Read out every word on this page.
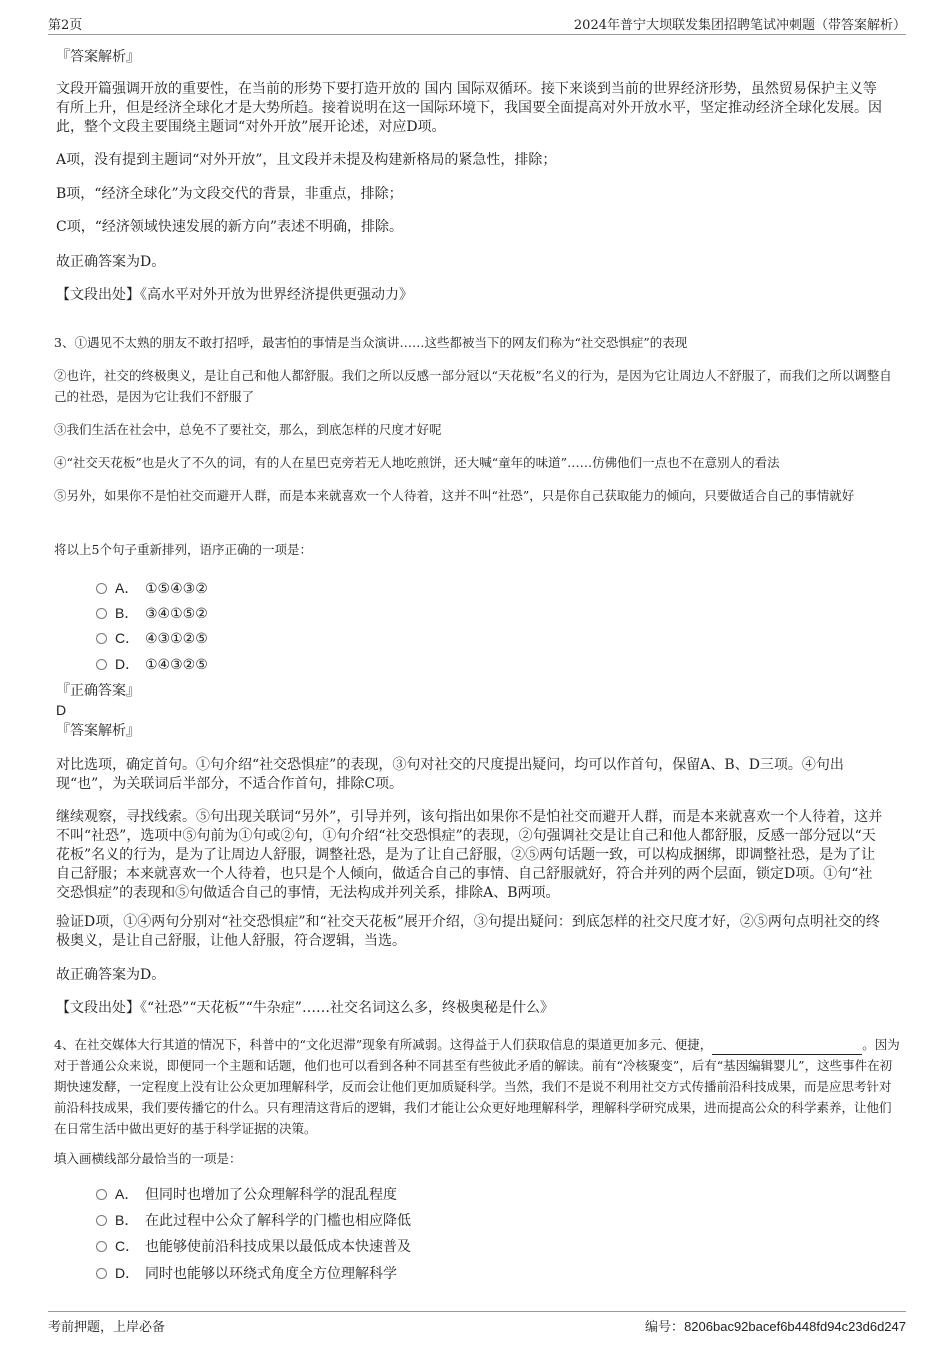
第2页	2024年普宁大坝联发集团招聘笔试冲刺题（带答案解析）
『答案解析』
文段开篇强调开放的重要性，在当前的形势下要打造开放的 国内 国际双循环。接下来谈到当前的世界经济形势，虽然贸易保护主义等有所上升，但是经济全球化才是大势所趋。接着说明在这一国际环境下，我国要全面提高对外开放水平，坚定推动经济全球化发展。因此，整个文段主要围绕主题词“对外开放”展开论述，对应D项。
A项，没有提到主题词“对外开放”，且文段并未提及构建新格局的紧急性，排除；
B项，“经济全球化”为文段交代的背景，非重点，排除；
C项，“经济领域快速发展的新方向”表述不明确，排除。
故正确答案为D。
【文段出处】《高水平对外开放为世界经济提供更强动力》
3、①遇见不太熟的朋友不敢打招呼，最害怕的事情是当众演讲……这些都被当下的网友们称为“社交恐惧症”的表现
②也许，社交的终极奥义，是让自己和他人都舒服。我们之所以反感一部分冠以“天花板”名义的行为，是因为它让周边人不舒服了，而我们之所以调整自己的社恐，是因为它让我们不舒服了
③我们生活在社会中，总免不了要社交，那么，到底怎样的尺度才好呢
④“社交天花板”也是火了不久的词，有的人在星巴克旁若无人地吃煎饼，还大喊“童年的味道”……仿佛他们一点也不在意别人的看法
⑤另外，如果你不是怕社交而避开人群，而是本来就喜欢一个人待着，这并不叫“社恐”，只是你自己获取能力的倾向，只要做适合自己的事情就好
将以上5个句子重新排列，语序正确的一项是：
A． ①⑤④③②
B． ③④①⑤②
C． ④③①②⑤
D． ①④③②⑤
『正确答案』
D
『答案解析』
对比选项，确定首句。①句介绍“社交恐惧症”的表现，③句对社交的尺度提出疑问，均可以作首句，保留A、B、D三项。④句出现“也”，为关联词后半部分，不适合作首句，排除C项。
继续观察，寻找线索。⑤句出现关联词“另外”，引导并列，该句指出如果你不是怕社交而避开人群，而是本来就喜欢一个人待着，这并不叫“社恐”，选项中⑤句前为①句或②句，①句介绍“社交恐惧症”的表现，②句强调社交是让自己和他人都舒服，反感一部分冠以“天花板”名义的行为，是为了让周边人舒服，调整社恐，是为了让自己舒服，②⑤两句话题一致，可以构成捆绑，即调整社恐，是为了让自己舒服；本来就喜欢一个人待着，也只是个人倾向，做适合自己的事情、自己舒服就好，符合并列的两个层面，锁定D项。①句“社交恐惧症”的表现和⑤句做适合自己的事情，无法构成并列关系，排除A、B两项。
验证D项，①④两句分别对“社交恐惧症”和“社交天花板”展开介绍，③句提出疑问：到底怎样的社交尺度才好，②⑤两句点明社交的终极奥义，是让自己舒服，让他人舒服，符合逻辑，当选。
故正确答案为D。
【文段出处】《“社恐”“天花板”“牛杂症”……社交名词这么多，终极奥秘是什么》
4、在社交媒体大行其道的情况下，科普中的“文化迟滞”现象有所减弱。这得益于人们获取信息的渠道更加多元、便捷，	。因为对于普通公众来说，即便同一个主题和话题，他们也可以看到各种不同甚至有些彼此矛盾的解读。前有“冷核聚变”，后有“基因编辑婴儿”，这些事件在初期快速发酵，一定程度上没有让公众更加理解科学，反而会让他们更加质疑科学。当然，我们不是说不利用社交方式传播前沿科技成果，而是应思考针对前沿科技成果，我们要传播它的什么。只有理清这背后的逻辑，我们才能让公众更好地理解科学，理解科学研究成果，进而提高公众的科学素养，让他们在日常生活中做出更好的基于科学证据的决策。
填入画横线部分最恰当的一项是：
A． 但同时也增加了公众理解科学的混乱程度
B． 在此过程中公众了解科学的门槛也相应降低
C． 也能够使前沿科技成果以最低成本快速普及
D． 同时也能够以环绕式角度全方位理解科学
考前押题，上岸必备	编号：8206bac92bacef6b448fd94c23d6d247
